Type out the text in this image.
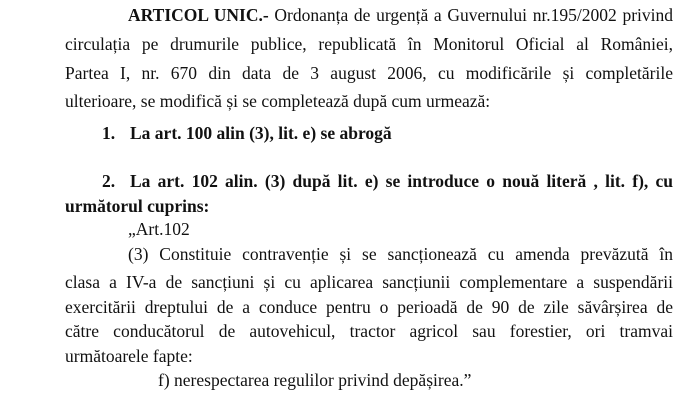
ARTICOL UNIC.- Ordonanța de urgență a Guvernului nr.195/2002 privind
circulația pe drumurile publice, republicată în Monitorul Oficial al României,
Partea I, nr. 670 din data de 3 august 2006, cu modificările și completările
ulterioare, se modifică și se completează după cum urmează:
1. La art. 100 alin (3), lit. e) se abrogă
2. La art. 102 alin. (3) după lit. e) se introduce o nouă literă , lit. f), cu
următorul cuprins:
„Art.102
(3) Constituie contravenție și se sancționează cu amenda prevăzută în
clasa a IV-a de sancțiuni și cu aplicarea sancțiunii complementare a suspendării
exercitării dreptului de a conduce pentru o perioadă de 90 de zile săvârșirea de
către conducătorul de autovehicul, tractor agricol sau forestier, ori tramvai
următoarele fapte:
f) nerespectarea regulilor privind depășirea.”
